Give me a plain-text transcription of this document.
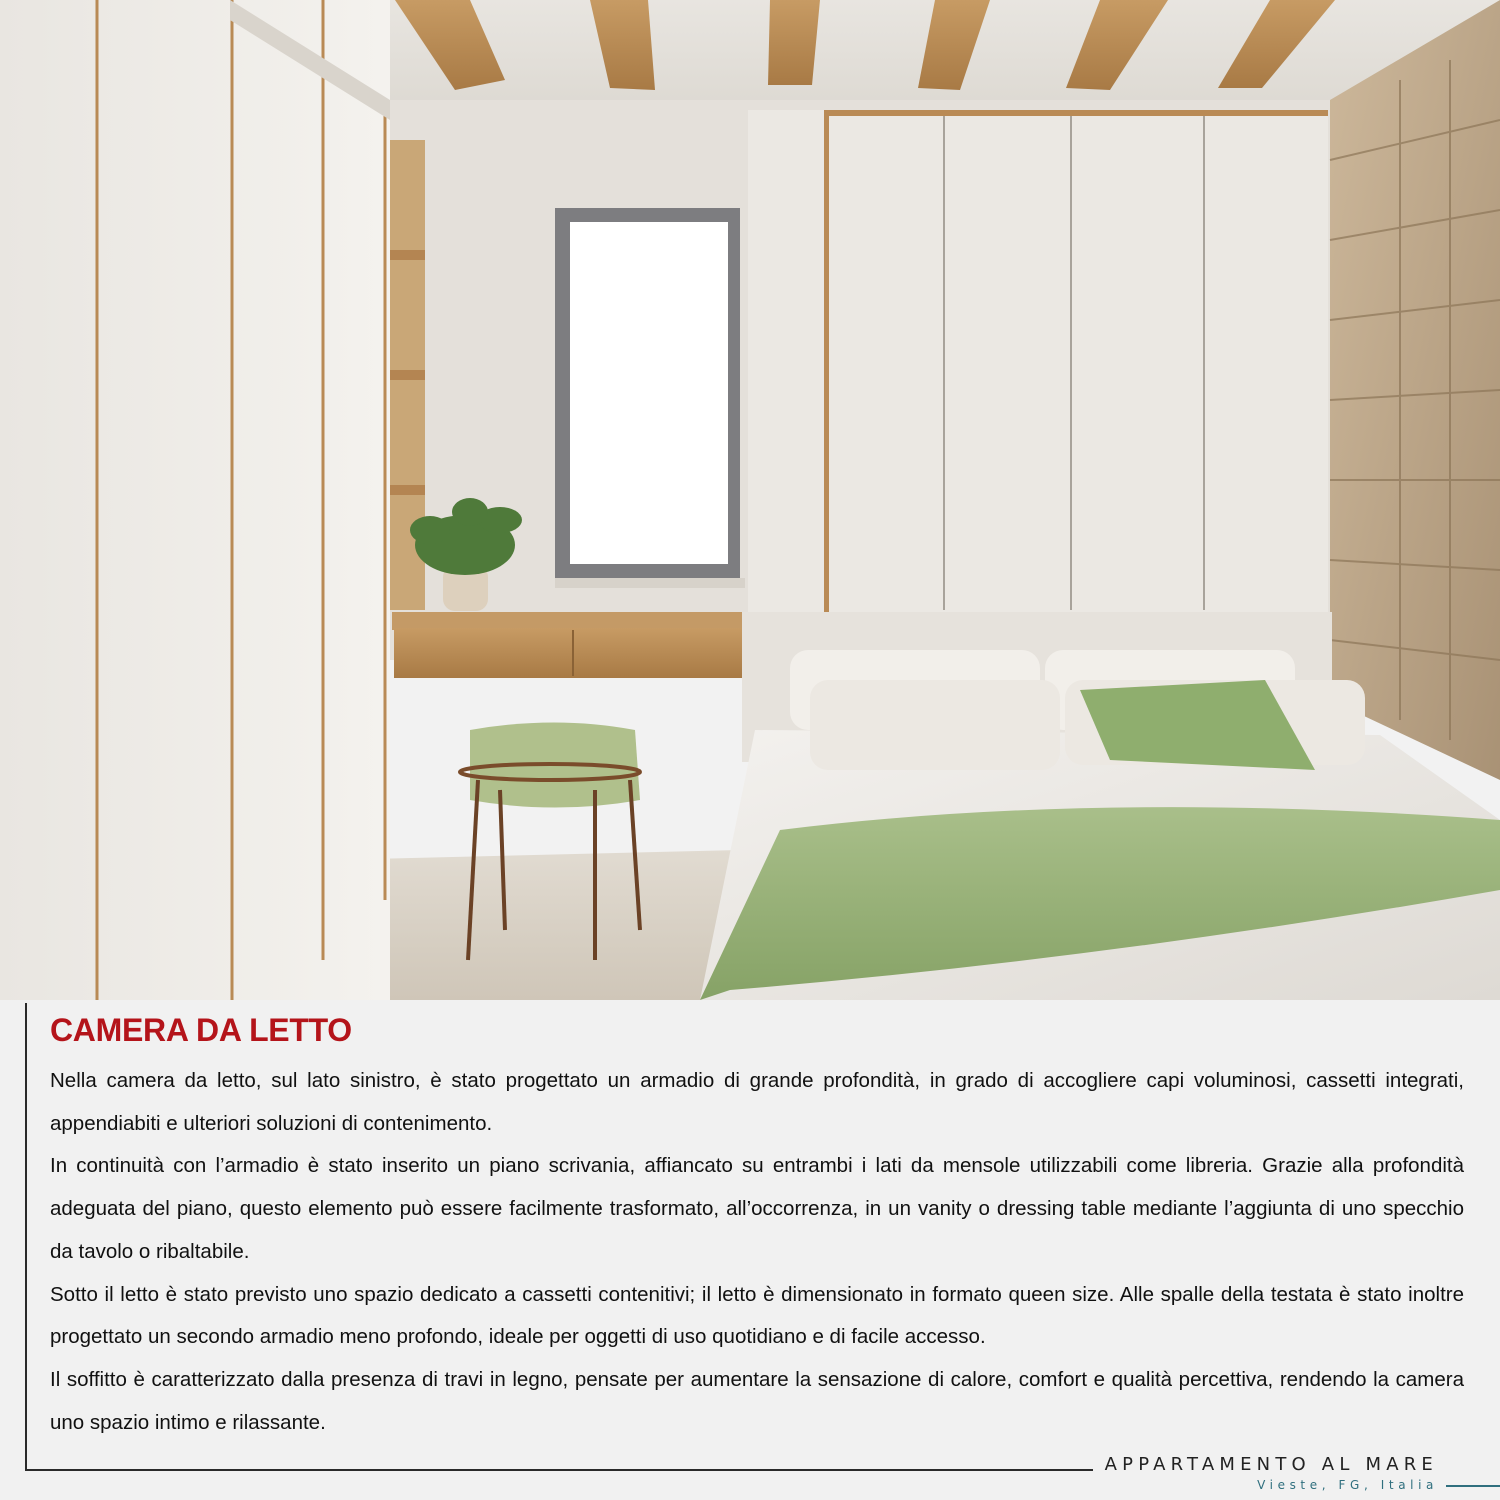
CAMERA DA LETTO

Nella camera da letto, sul lato sinistro, è stato progettato un armadio di grande profondità, in grado di accogliere capi voluminosi, cassetti integrati, appendiabiti e ulteriori soluzioni di contenimento.

In continuità con l’armadio è stato inserito un piano scrivania, affiancato su entrambi i lati da mensole utilizzabili come libreria. Grazie alla profondità adeguata del piano, questo elemento può essere facilmente trasformato, all’occorrenza, in un vanity o dressing table mediante l’aggiunta di uno specchio da tavolo o ribaltabile.

Sotto il letto è stato previsto uno spazio dedicato a cassetti contenitivi; il letto è dimensionato in formato queen size. Alle spalle della testata è stato inoltre progettato un secondo armadio meno profondo, ideale per oggetti di uso quotidiano e di facile accesso.

Il soffitto è caratterizzato dalla presenza di travi in legno, pensate per aumentare la sensazione di calore, comfort e qualità percettiva, rendendo la camera uno spazio intimo e rilassante.

APPARTAMENTO AL MARE
Vieste, FG, Italia
